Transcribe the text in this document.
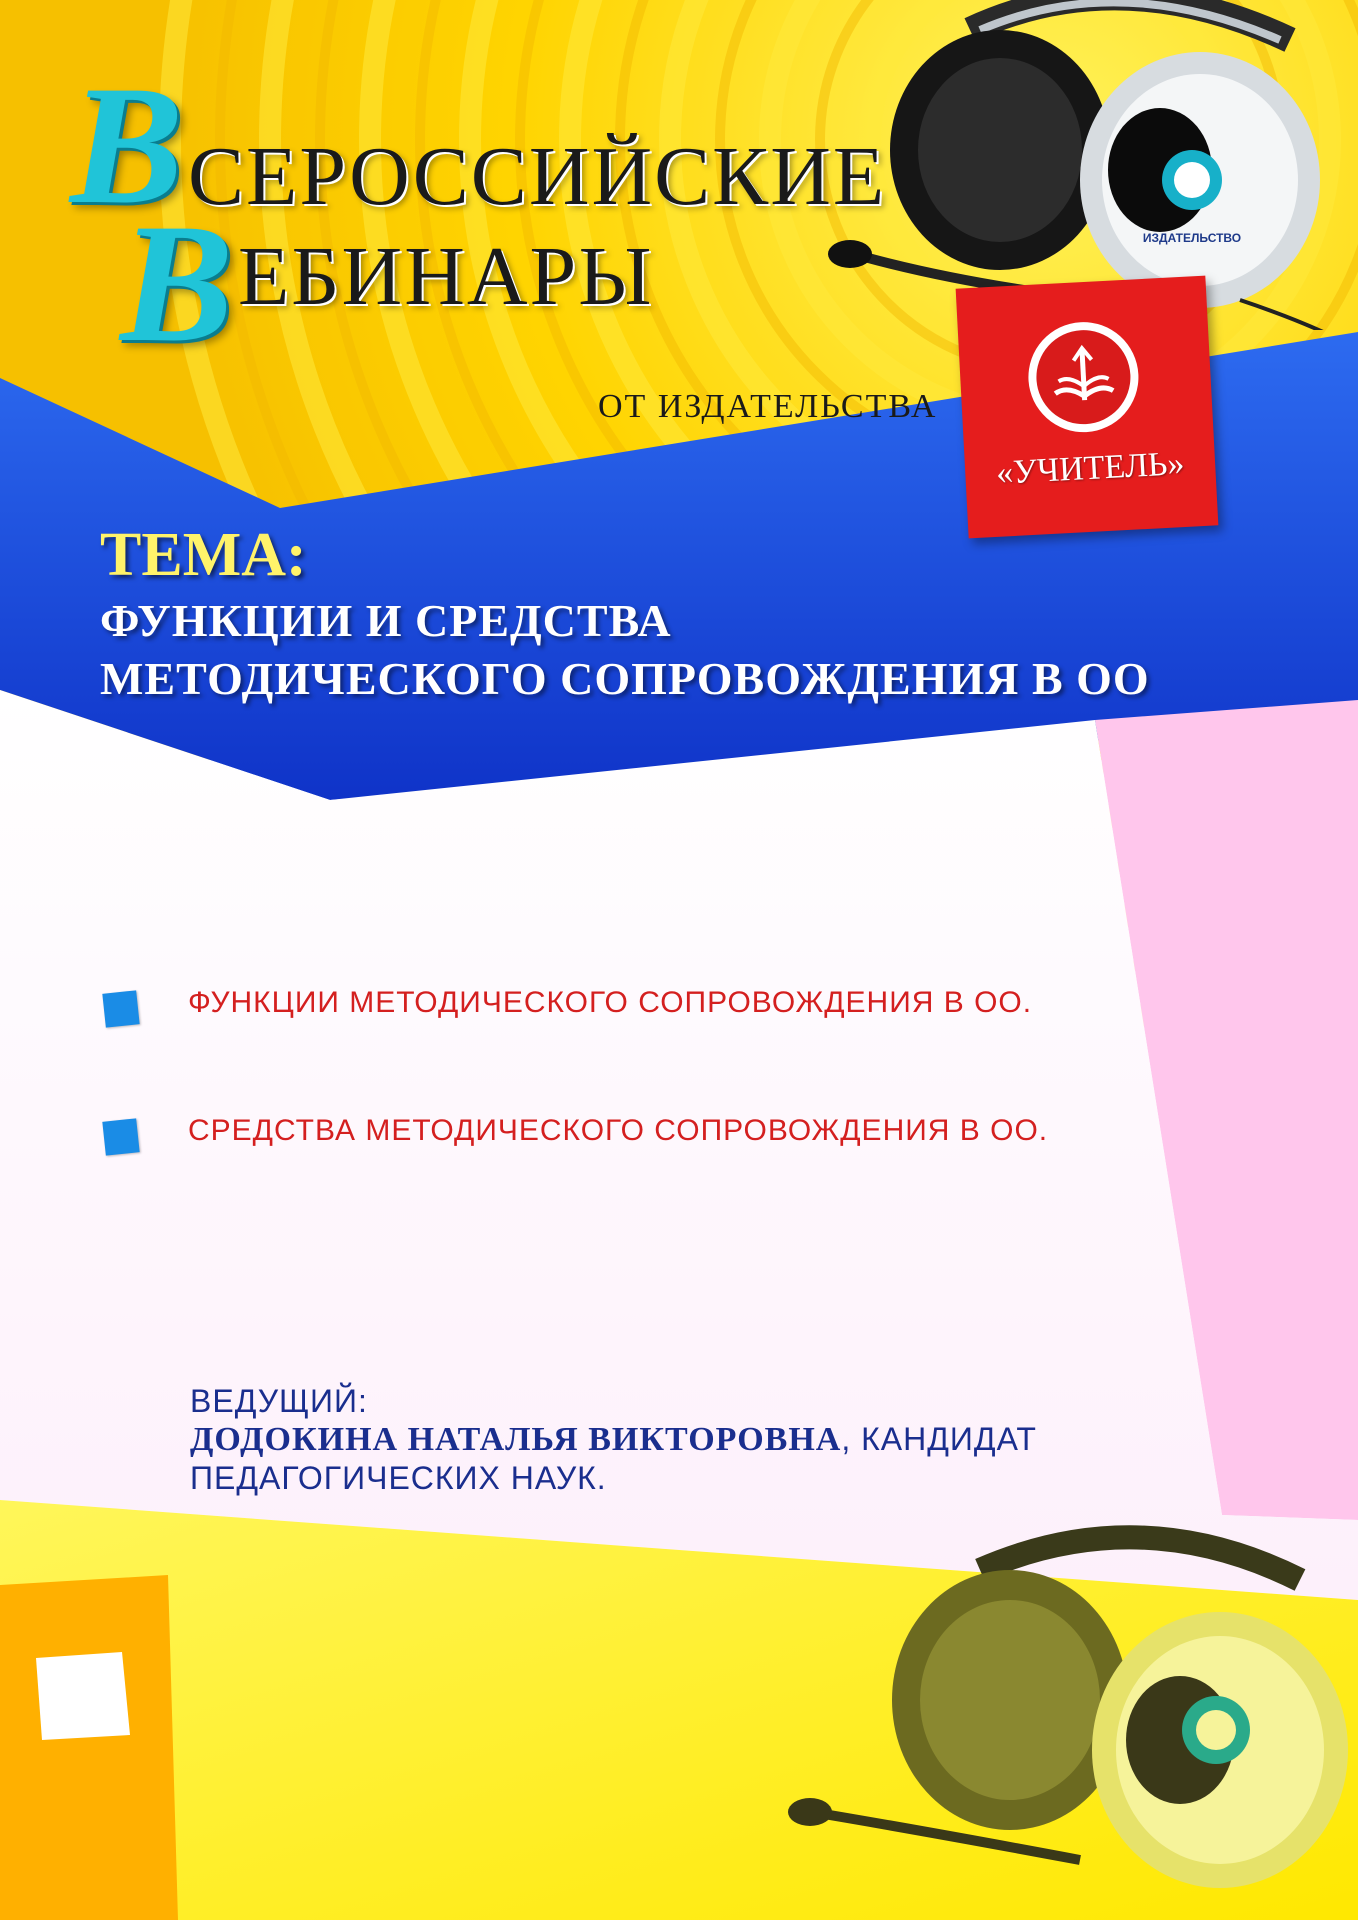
ИЗДАТЕЛЬСТВО
В СЕРОССИЙСКИЕ
В ЕБИНАРЫ
ОТ ИЗДАТЕЛЬСТВА
«УЧИТЕЛЬ»
ТЕМА:
ФУНКЦИИ И СРЕДСТВА
МЕТОДИЧЕСКОГО СОПРОВОЖДЕНИЯ В ОО
ФУНКЦИИ МЕТОДИЧЕСКОГО СОПРОВОЖДЕНИЯ В ОО.
СРЕДСТВА МЕТОДИЧЕСКОГО СОПРОВОЖДЕНИЯ В ОО.
ВЕДУЩИЙ:
ДОДОКИНА НАТАЛЬЯ ВИКТОРОВНА, КАНДИДАТ
ПЕДАГОГИЧЕСКИХ НАУК.
